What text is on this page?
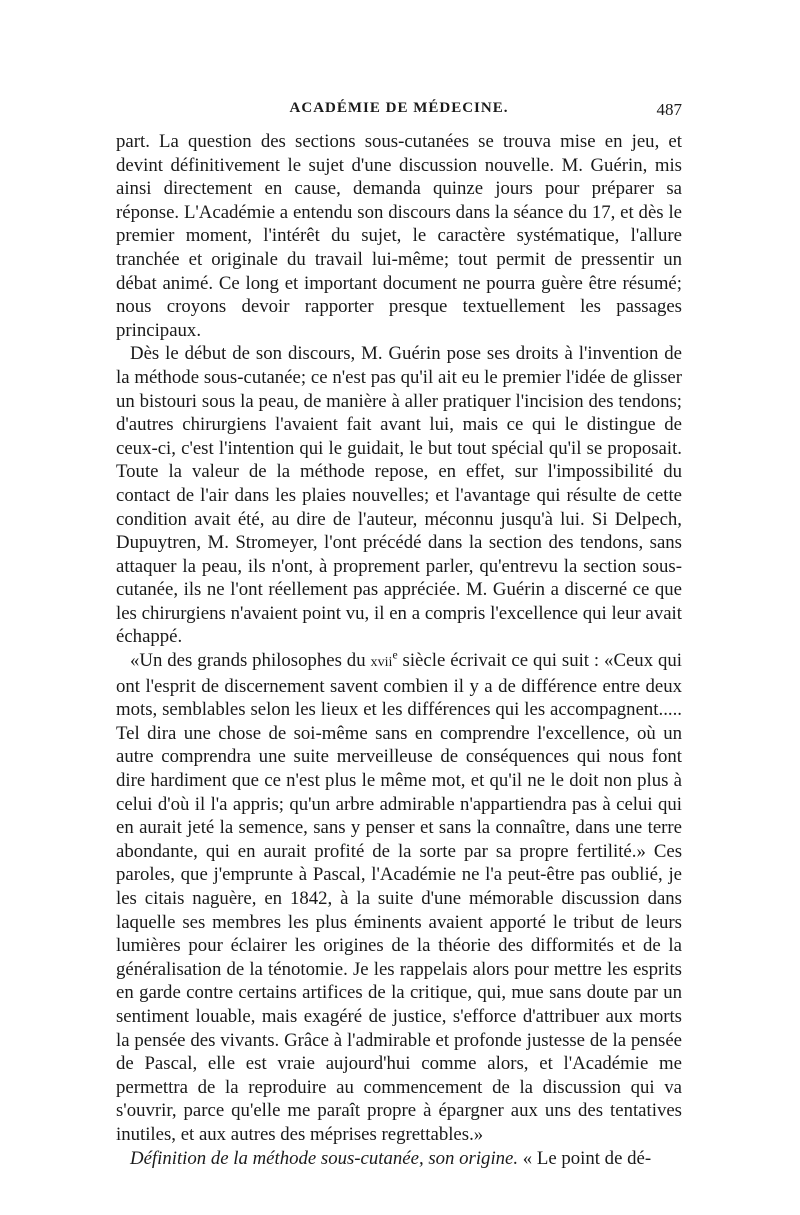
ACADÉMIE DE MÉDECINE.	487

part. La question des sections sous-cutanées se trouva mise en jeu, et devint définitivement le sujet d'une discussion nouvelle. M. Guérin, mis ainsi directement en cause, demanda quinze jours pour préparer sa réponse. L'Académie a entendu son discours dans la séance du 17, et dès le premier moment, l'intérêt du sujet, le caractère systématique, l'allure tranchée et originale du travail lui-même; tout permit de pressentir un débat animé. Ce long et important document ne pourra guère être résumé; nous croyons devoir rapporter presque textuellement les passages principaux.

Dès le début de son discours, M. Guérin pose ses droits à l'invention de la méthode sous-cutanée; ce n'est pas qu'il ait eu le premier l'idée de glisser un bistouri sous la peau, de manière à aller pratiquer l'incision des tendons; d'autres chirurgiens l'avaient fait avant lui, mais ce qui le distingue de ceux-ci, c'est l'intention qui le guidait, le but tout spécial qu'il se proposait. Toute la valeur de la méthode repose, en effet, sur l'impossibilité du contact de l'air dans les plaies nouvelles; et l'avantage qui résulte de cette condition avait été, au dire de l'auteur, méconnu jusqu'à lui. Si Delpech, Dupuytren, M. Stromeyer, l'ont précédé dans la section des tendons, sans attaquer la peau, ils n'ont, à proprement parler, qu'entrevu la section sous-cutanée, ils ne l'ont réellement pas appréciée. M. Guérin a discerné ce que les chirurgiens n'avaient point vu, il en a compris l'excellence qui leur avait échappé.

«Un des grands philosophes du xvii$^e$ siècle écrivait ce qui suit : «Ceux qui ont l'esprit de discernement savent combien il y a de différence entre deux mots, semblables selon les lieux et les différences qui les accompagnent..... Tel dira une chose de soi-même sans en comprendre l'excellence, où un autre comprendra une suite merveilleuse de conséquences qui nous font dire hardiment que ce n'est plus le même mot, et qu'il ne le doit non plus à celui d'où il l'a appris; qu'un arbre admirable n'appartiendra pas à celui qui en aurait jeté la semence, sans y penser et sans la connaître, dans une terre abondante, qui en aurait profité de la sorte par sa propre fertilité.» Ces paroles, que j'emprunte à Pascal, l'Académie ne l'a peut-être pas oublié, je les citais naguère, en 1842, à la suite d'une mémorable discussion dans laquelle ses membres les plus éminents avaient apporté le tribut de leurs lumières pour éclairer les origines de la théorie des difformités et de la généralisation de la ténotomie. Je les rappelais alors pour mettre les esprits en garde contre certains artifices de la critique, qui, mue sans doute par un sentiment louable, mais exagéré de justice, s'efforce d'attribuer aux morts la pensée des vivants. Grâce à l'admirable et profonde justesse de la pensée de Pascal, elle est vraie aujourd'hui comme alors, et l'Académie me permettra de la reproduire au commencement de la discussion qui va s'ouvrir, parce qu'elle me paraît propre à épargner aux uns des tentatives inutiles, et aux autres des méprises regrettables.»

Définition de la méthode sous-cutanée, son origine. « Le point de dé-
